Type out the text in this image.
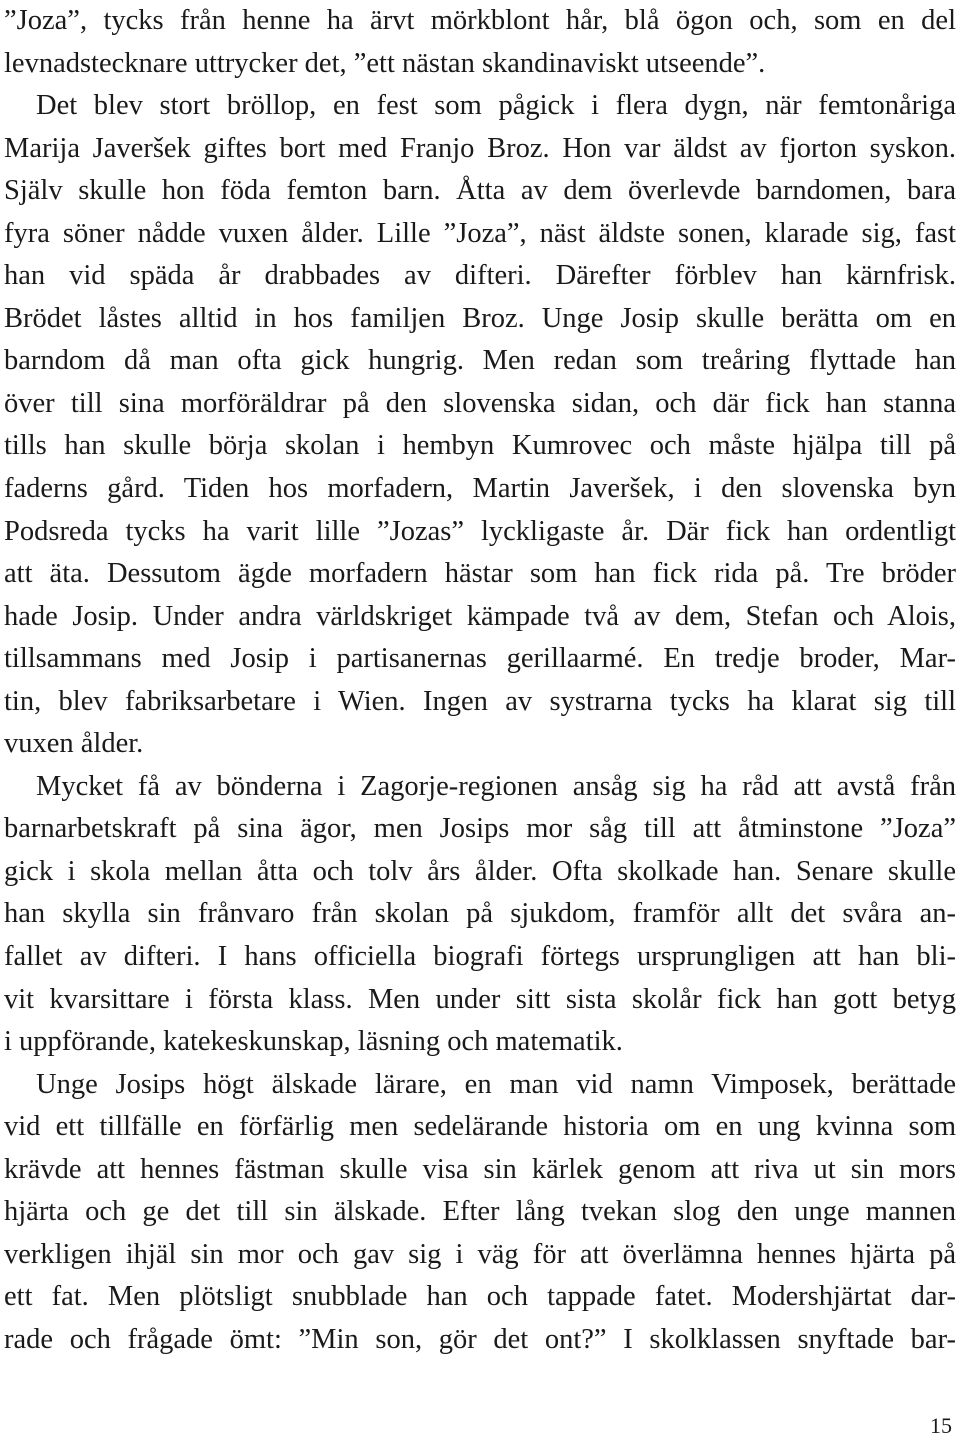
”Joza”, tycks från henne ha ärvt mörkblont hår, blå ögon och, som en del
levnadstecknare uttrycker det, ”ett nästan skandinaviskt utseende”.
Det blev stort bröllop, en fest som pågick i flera dygn, när femtonåriga
Marija Javeršek giftes bort med Franjo Broz. Hon var äldst av fjorton syskon.
Själv skulle hon föda femton barn. Åtta av dem överlevde barndomen, bara
fyra söner nådde vuxen ålder. Lille ”Joza”, näst äldste sonen, klarade sig, fast
han vid späda år drabbades av difteri. Därefter förblev han kärnfrisk.
Brödet låstes alltid in hos familjen Broz. Unge Josip skulle berätta om en
barndom då man ofta gick hungrig. Men redan som treåring flyttade han
över till sina morföräldrar på den slovenska sidan, och där fick han stanna
tills han skulle börja skolan i hembyn Kumrovec och måste hjälpa till på
faderns gård. Tiden hos morfadern, Martin Javeršek, i den slovenska byn
Podsreda tycks ha varit lille ”Jozas” lyckligaste år. Där fick han ordentligt
att äta. Dessutom ägde morfadern hästar som han fick rida på. Tre bröder
hade Josip. Under andra världskriget kämpade två av dem, Stefan och Alois,
tillsammans med Josip i partisanernas gerillaarmé. En tredje broder, Mar-
tin, blev fabriksarbetare i Wien. Ingen av systrarna tycks ha klarat sig till
vuxen ålder.
Mycket få av bönderna i Zagorje-regionen ansåg sig ha råd att avstå från
barnarbetskraft på sina ägor, men Josips mor såg till att åtminstone ”Joza”
gick i skola mellan åtta och tolv års ålder. Ofta skolkade han. Senare skulle
han skylla sin frånvaro från skolan på sjukdom, framför allt det svåra an-
fallet av difteri. I hans officiella biografi förtegs ursprungligen att han bli-
vit kvarsittare i första klass. Men under sitt sista skolår fick han gott betyg
i uppförande, katekeskunskap, läsning och matematik.
Unge Josips högt älskade lärare, en man vid namn Vimposek, berättade
vid ett tillfälle en förfärlig men sedelärande historia om en ung kvinna som
krävde att hennes fästman skulle visa sin kärlek genom att riva ut sin mors
hjärta och ge det till sin älskade. Efter lång tvekan slog den unge mannen
verkligen ihjäl sin mor och gav sig i väg för att överlämna hennes hjärta på
ett fat. Men plötsligt snubblade han och tappade fatet. Modershjärtat dar-
rade och frågade ömt: ”Min son, gör det ont?” I skolklassen snyftade bar-
15
